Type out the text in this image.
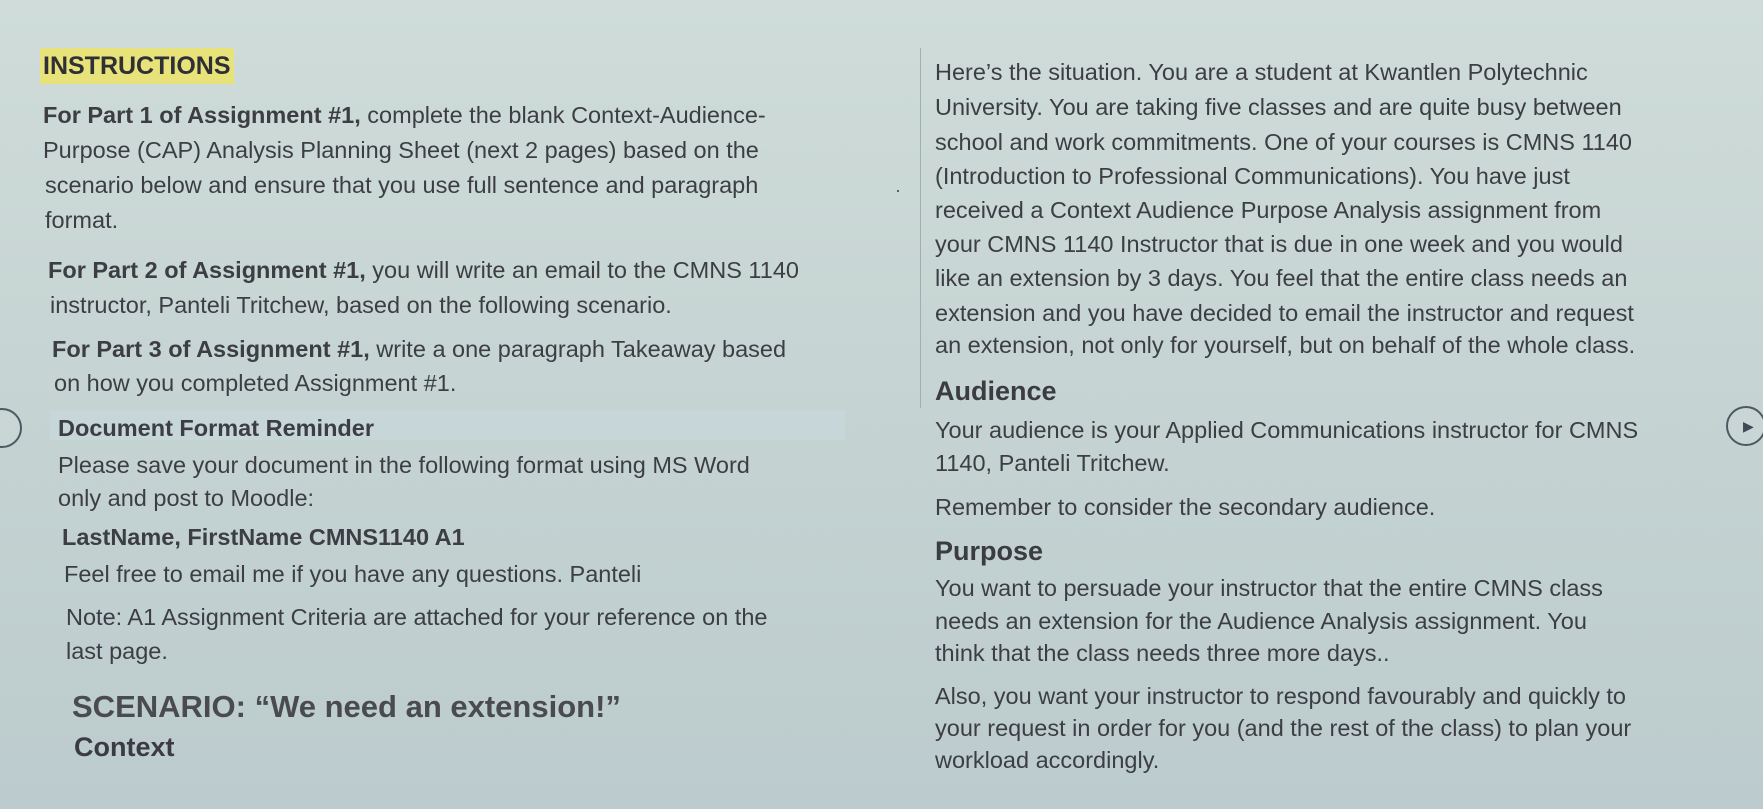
INSTRUCTIONS
For Part 1 of Assignment #1, complete the blank Context-Audience-
Purpose (CAP) Analysis Planning Sheet (next 2 pages) based on the
scenario below and ensure that you use full sentence and paragraph
format.
For Part 2 of Assignment #1, you will write an email to the CMNS 1140
instructor, Panteli Tritchew, based on the following scenario.
For Part 3 of Assignment #1, write a one paragraph Takeaway based
on how you completed Assignment #1.
Document Format Reminder
Please save your document in the following format using MS Word
only and post to Moodle:
LastName, FirstName CMNS1140 A1
Feel free to email me if you have any questions. Panteli
Note: A1 Assignment Criteria are attached for your reference on the
last page.
SCENARIO: “We need an extension!”
Context
Here’s the situation. You are a student at Kwantlen Polytechnic
University. You are taking five classes and are quite busy between
school and work commitments. One of your courses is CMNS 1140
(Introduction to Professional Communications). You have just
received a Context Audience Purpose Analysis assignment from
your CMNS 1140 Instructor that is due in one week and you would
like an extension by 3 days. You feel that the entire class needs an
extension and you have decided to email the instructor and request
an extension, not only for yourself, but on behalf of the whole class.
Audience
Your audience is your Applied Communications instructor for CMNS
1140, Panteli Tritchew.
Remember to consider the secondary audience.
Purpose
You want to persuade your instructor that the entire CMNS class
needs an extension for the Audience Analysis assignment. You
think that the class needs three more days..
Also, you want your instructor to respond favourably and quickly to
your request in order for you (and the rest of the class) to plan your
workload accordingly.
▶
